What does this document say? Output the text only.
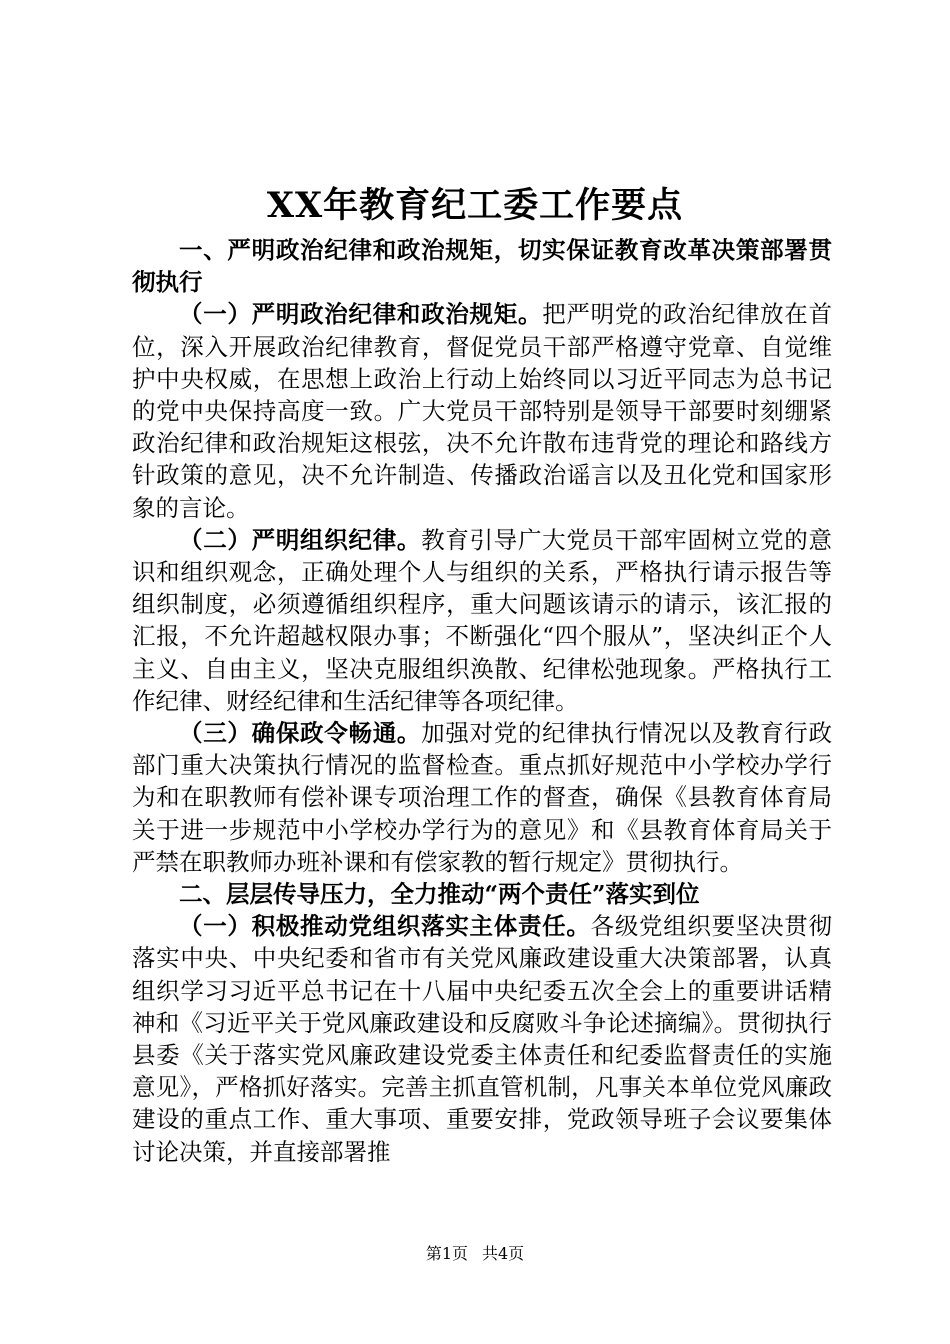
XX年教育纪工委工作要点

一、严明政治纪律和政治规矩，切实保证教育改革决策部署贯彻执行

（一）严明政治纪律和政治规矩。把严明党的政治纪律放在首位，深入开展政治纪律教育，督促党员干部严格遵守党章、自觉维护中央权威，在思想上政治上行动上始终同以习近平同志为总书记的党中央保持高度一致。广大党员干部特别是领导干部要时刻绷紧政治纪律和政治规矩这根弦，决不允许散布违背党的理论和路线方针政策的意见，决不允许制造、传播政治谣言以及丑化党和国家形象的言论。

（二）严明组织纪律。教育引导广大党员干部牢固树立党的意识和组织观念，正确处理个人与组织的关系，严格执行请示报告等组织制度，必须遵循组织程序，重大问题该请示的请示，该汇报的汇报，不允许超越权限办事；不断强化“四个服从”，坚决纠正个人主义、自由主义，坚决克服组织涣散、纪律松弛现象。严格执行工作纪律、财经纪律和生活纪律等各项纪律。

（三）确保政令畅通。加强对党的纪律执行情况以及教育行政部门重大决策执行情况的监督检查。重点抓好规范中小学校办学行为和在职教师有偿补课专项治理工作的督查，确保《县教育体育局关于进一步规范中小学校办学行为的意见》和《县教育体育局关于严禁在职教师办班补课和有偿家教的暂行规定》贯彻执行。

二、层层传导压力，全力推动“两个责任”落实到位

（一）积极推动党组织落实主体责任。各级党组织要坚决贯彻落实中央、中央纪委和省市有关党风廉政建设重大决策部署，认真组织学习习近平总书记在十八届中央纪委五次全会上的重要讲话精神和《习近平关于党风廉政建设和反腐败斗争论述摘编》。贯彻执行县委《关于落实党风廉政建设党委主体责任和纪委监督责任的实施意见》，严格抓好落实。完善主抓直管机制，凡事关本单位党风廉政建设的重点工作、重大事项、重要安排，党政领导班子会议要集体讨论决策，并直接部署推

第1页 共4页
